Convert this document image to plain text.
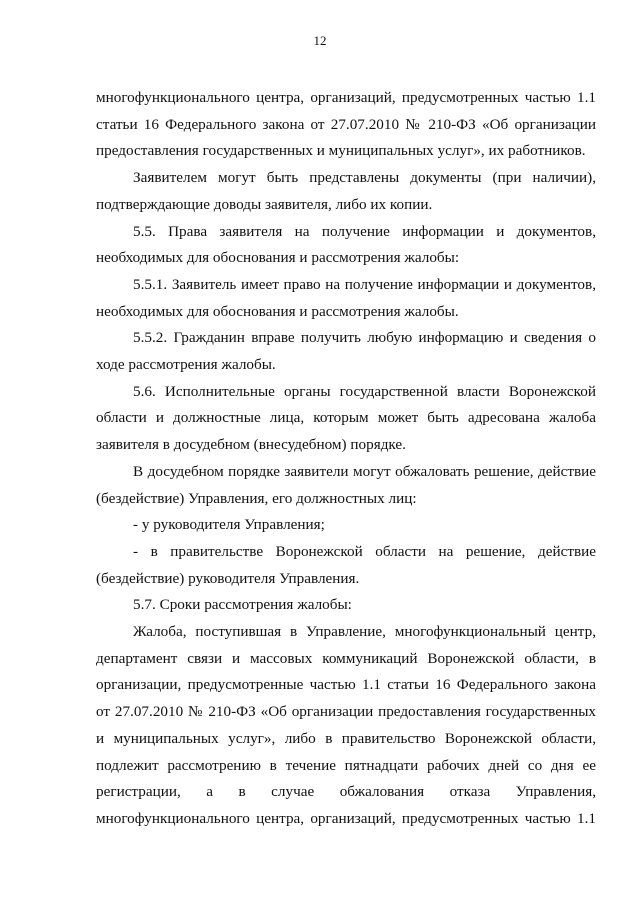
12

многофункционального центра, организаций, предусмотренных частью 1.1 статьи 16 Федерального закона от 27.07.2010 № 210-ФЗ «Об организации предоставления государственных и муниципальных услуг», их работников.

Заявителем могут быть представлены документы (при наличии), подтверждающие доводы заявителя, либо их копии.

5.5. Права заявителя на получение информации и документов, необходимых для обоснования и рассмотрения жалобы:

5.5.1. Заявитель имеет право на получение информации и документов, необходимых для обоснования и рассмотрения жалобы.

5.5.2. Гражданин вправе получить любую информацию и сведения о ходе рассмотрения жалобы.

5.6. Исполнительные органы государственной власти Воронежской области и должностные лица, которым может быть адресована жалоба заявителя в досудебном (внесудебном) порядке.

В досудебном порядке заявители могут обжаловать решение, действие (бездействие) Управления, его должностных лиц:

- у руководителя Управления;

- в правительстве Воронежской области на решение, действие (бездействие) руководителя Управления.

5.7. Сроки рассмотрения жалобы:

Жалоба, поступившая в Управление, многофункциональный центр, департамент связи и массовых коммуникаций Воронежской области, в организации, предусмотренные частью 1.1 статьи 16 Федерального закона от 27.07.2010 № 210-ФЗ «Об организации предоставления государственных и муниципальных услуг», либо в правительство Воронежской области, подлежит рассмотрению в течение пятнадцати рабочих дней со дня ее регистрации, а в случае обжалования отказа Управления, многофункционального центра, организаций, предусмотренных частью 1.1
